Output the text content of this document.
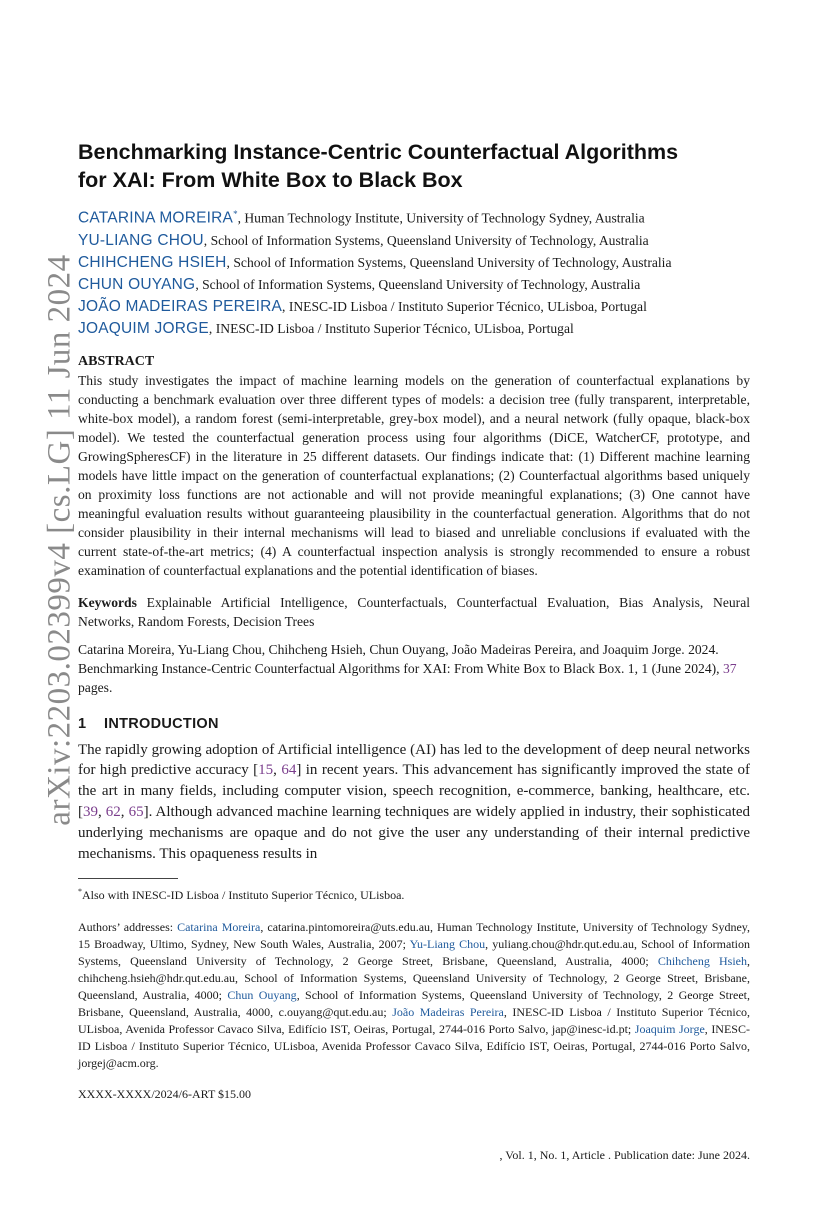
arXiv:2203.02399v4 [cs.LG] 11 Jun 2024
Benchmarking Instance-Centric Counterfactual Algorithms
for XAI: From White Box to Black Box
CATARINA MOREIRA*, Human Technology Institute, University of Technology Sydney, Australia
YU-LIANG CHOU, School of Information Systems, Queensland University of Technology, Australia
CHIHCHENG HSIEH, School of Information Systems, Queensland University of Technology, Australia
CHUN OUYANG, School of Information Systems, Queensland University of Technology, Australia
JOÃO MADEIRAS PEREIRA, INESC-ID Lisboa / Instituto Superior Técnico, ULisboa, Portugal
JOAQUIM JORGE, INESC-ID Lisboa / Instituto Superior Técnico, ULisboa, Portugal
ABSTRACT

This study investigates the impact of machine learning models on the generation of counterfactual explanations by conducting a benchmark evaluation over three different types of models: a decision tree (fully transparent, interpretable, white-box model), a random forest (semi-interpretable, grey-box model), and a neural network (fully opaque, black-box model). We tested the counterfactual generation process using four algorithms (DiCE, WatcherCF, prototype, and GrowingSpheresCF) in the literature in 25 different datasets. Our findings indicate that: (1) Different machine learning models have little impact on the generation of counterfactual explanations; (2) Counterfactual algorithms based uniquely on proximity loss functions are not actionable and will not provide meaningful explanations; (3) One cannot have meaningful evaluation results without guaranteeing plausibility in the counterfactual generation. Algorithms that do not consider plausibility in their internal mechanisms will lead to biased and unreliable conclusions if evaluated with the current state-of-the-art metrics; (4) A counterfactual inspection analysis is strongly recommended to ensure a robust examination of counterfactual explanations and the potential identification of biases.

Keywords Explainable Artificial Intelligence, Counterfactuals, Counterfactual Evaluation, Bias Analysis, Neural Networks, Random Forests, Decision Trees
Catarina Moreira, Yu-Liang Chou, Chihcheng Hsieh, Chun Ouyang, João Madeiras Pereira, and Joaquim Jorge. 2024. Benchmarking Instance-Centric Counterfactual Algorithms for XAI: From White Box to Black Box. 1, 1 (June 2024), 37 pages.
1 INTRODUCTION

The rapidly growing adoption of Artificial intelligence (AI) has led to the development of deep neural networks for high predictive accuracy [15, 64] in recent years. This advancement has significantly improved the state of the art in many fields, including computer vision, speech recognition, e-commerce, banking, healthcare, etc. [39, 62, 65]. Although advanced machine learning techniques are widely applied in industry, their sophisticated underlying mechanisms are opaque and do not give the user any understanding of their internal predictive mechanisms. This opaqueness results in

*Also with INESC-ID Lisboa / Instituto Superior Técnico, ULisboa.
Authors’ addresses: Catarina Moreira, catarina.pintomoreira@uts.edu.au, Human Technology Institute, University of Technology Sydney, 15 Broadway, Ultimo, Sydney, New South Wales, Australia, 2007; Yu-Liang Chou, yuliang.chou@hdr.qut.edu.au, School of Information Systems, Queensland University of Technology, 2 George Street, Brisbane, Queensland, Australia, 4000; Chihcheng Hsieh, chihcheng.hsieh@hdr.qut.edu.au, School of Information Systems, Queensland University of Technology, 2 George Street, Brisbane, Queensland, Australia, 4000; Chun Ouyang, School of Information Systems, Queensland University of Technology, 2 George Street, Brisbane, Queensland, Australia, 4000, c.ouyang@qut.edu.au; João Madeiras Pereira, INESC-ID Lisboa / Instituto Superior Técnico, ULisboa, Avenida Professor Cavaco Silva, Edifício IST, Oeiras, Portugal, 2744-016 Porto Salvo, jap@inesc-id.pt; Joaquim Jorge, INESC-ID Lisboa / Instituto Superior Técnico, ULisboa, Avenida Professor Cavaco Silva, Edifício IST, Oeiras, Portugal, 2744-016 Porto Salvo, jorgej@acm.org.
XXXX-XXXX/2024/6-ART $15.00
, Vol. 1, No. 1, Article . Publication date: June 2024.
